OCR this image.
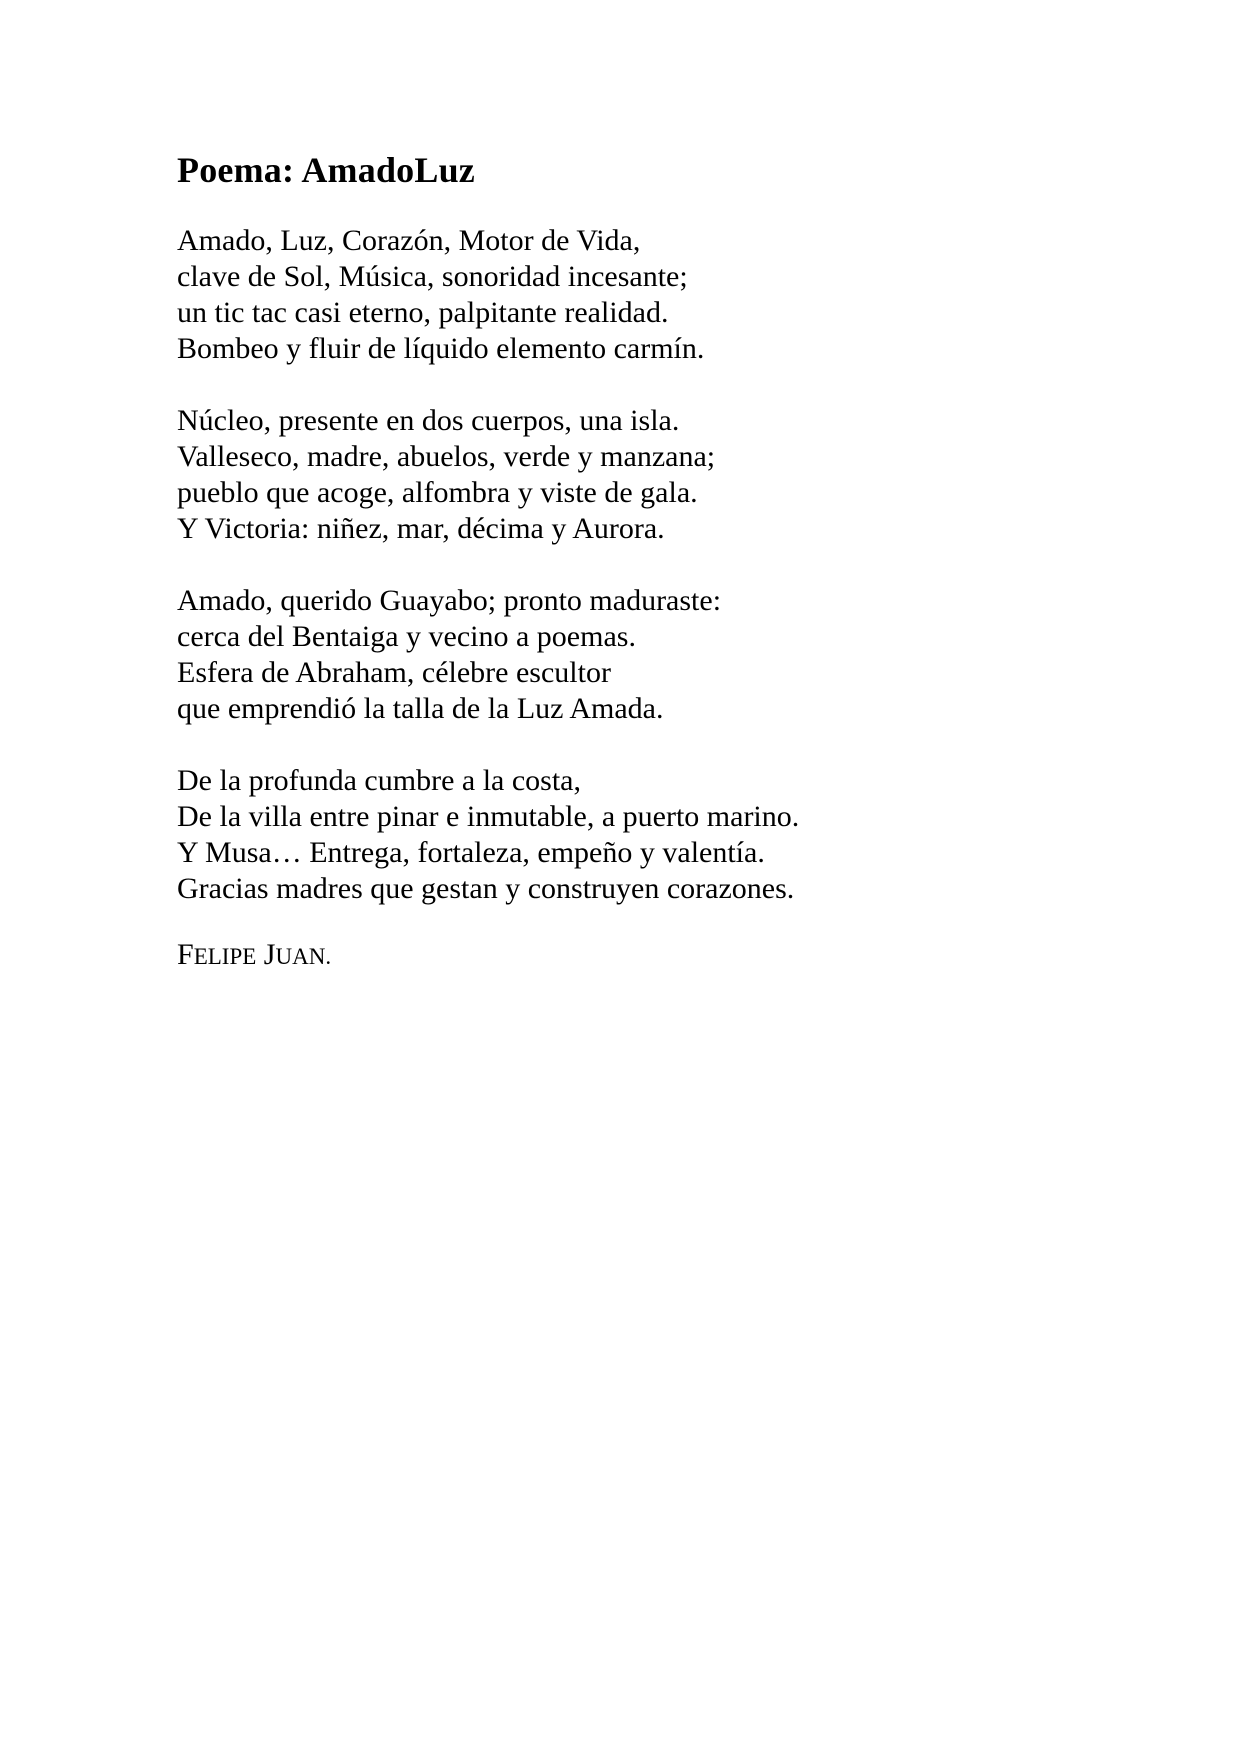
Poema: AmadoLuz
Amado, Luz, Corazón, Motor de Vida,
clave de Sol, Música, sonoridad incesante;
un tic tac casi eterno, palpitante realidad.
Bombeo y fluir de líquido elemento carmín.
Núcleo, presente en dos cuerpos, una isla.
Valleseco, madre, abuelos, verde y manzana;
pueblo que acoge, alfombra y viste de gala.
Y Victoria: niñez, mar, décima y Aurora.
Amado, querido Guayabo; pronto maduraste:
cerca del Bentaiga y vecino a poemas.
Esfera de Abraham, célebre escultor
que emprendió la talla de la Luz Amada.
De la profunda cumbre a la costa,
De la villa entre pinar e inmutable, a puerto marino.
Y Musa… Entrega, fortaleza, empeño y valentía.
Gracias madres que gestan y construyen corazones.
FELIPE JUAN.
